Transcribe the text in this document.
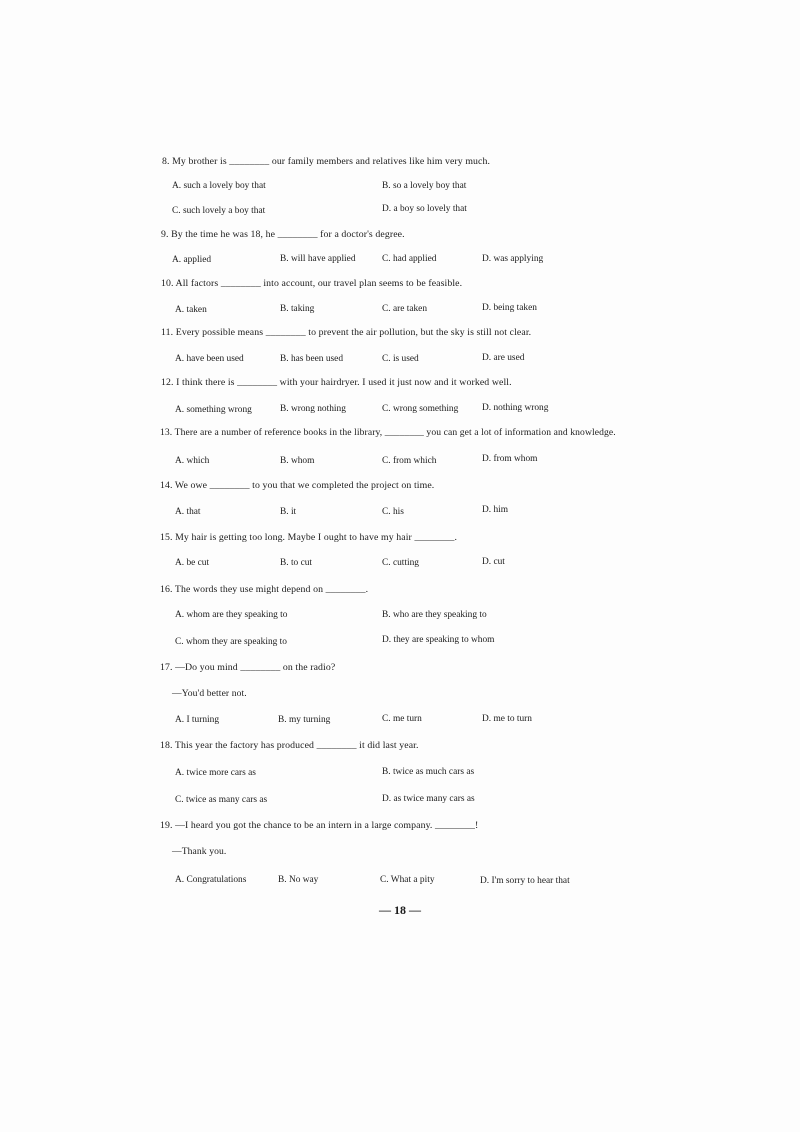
8. My brother is ________ our family members and relatives like him very much.
A. such a lovely boy that	B. so a lovely boy that
C. such lovely a boy that	D. a boy so lovely that
9. By the time he was 18, he ________ for a doctor's degree.
A. applied	B. will have applied	C. had applied	D. was applying
10. All factors ________ into account, our travel plan seems to be feasible.
A. taken	B. taking	C. are taken	D. being taken
11. Every possible means ________ to prevent the air pollution, but the sky is still not clear.
A. have been used	B. has been used	C. is used	D. are used
12. I think there is ________ with your hairdryer. I used it just now and it worked well.
A. something wrong	B. wrong nothing	C. wrong something	D. nothing wrong
13. There are a number of reference books in the library, ________ you can get a lot of information and knowledge.
A. which	B. whom	C. from which	D. from whom
14. We owe ________ to you that we completed the project on time.
A. that	B. it	C. his	D. him
15. My hair is getting too long. Maybe I ought to have my hair ________.
A. be cut	B. to cut	C. cutting	D. cut
16. The words they use might depend on ________.
A. whom are they speaking to	B. who are they speaking to
C. whom they are speaking to	D. they are speaking to whom
17. —Do you mind ________ on the radio?
—You'd better not.
A. I turning	B. my turning	C. me turn	D. me to turn
18. This year the factory has produced ________ it did last year.
A. twice more cars as	B. twice as much cars as
C. twice as many cars as	D. as twice many cars as
19. —I heard you got the chance to be an intern in a large company. ________!
—Thank you.
A. Congratulations	B. No way	C. What a pity	D. I'm sorry to hear that
— 18 —
